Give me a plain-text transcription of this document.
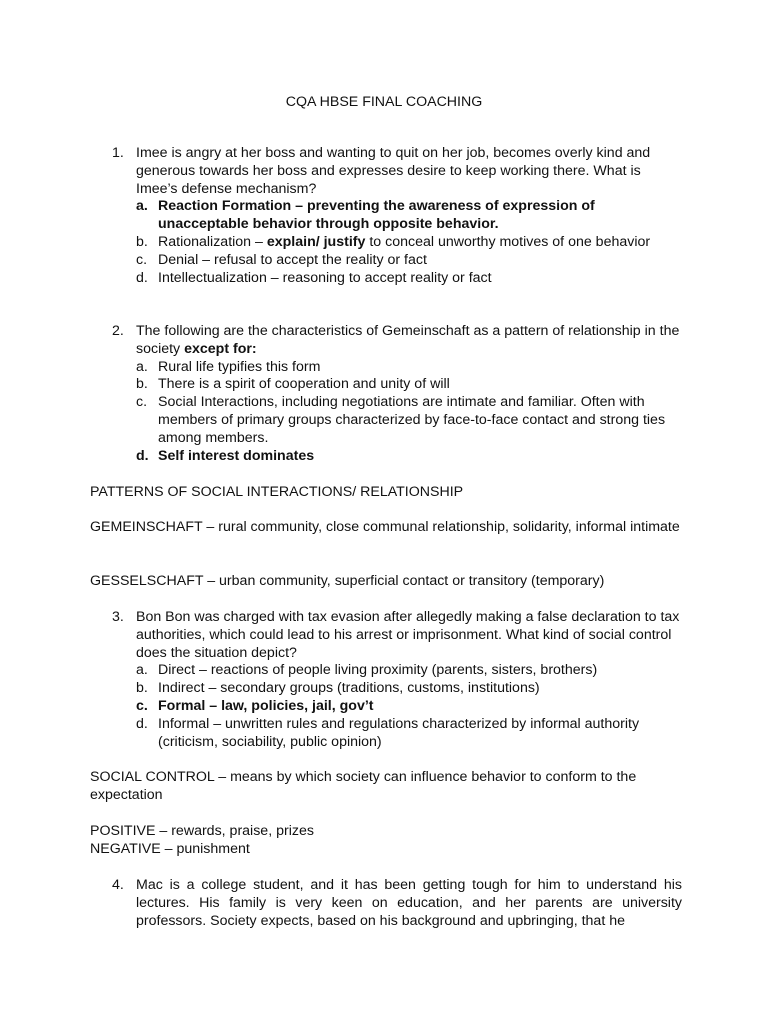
CQA HBSE FINAL COACHING
1. Imee is angry at her boss and wanting to quit on her job, becomes overly kind and generous towards her boss and expresses desire to keep working there. What is Imee’s defense mechanism?
a. Reaction Formation – preventing the awareness of expression of unacceptable behavior through opposite behavior.
b. Rationalization – explain/ justify to conceal unworthy motives of one behavior
c. Denial – refusal to accept the reality or fact
d. Intellectualization – reasoning to accept reality or fact
2. The following are the characteristics of Gemeinschaft as a pattern of relationship in the society except for:
a. Rural life typifies this form
b. There is a spirit of cooperation and unity of will
c. Social Interactions, including negotiations are intimate and familiar. Often with members of primary groups characterized by face-to-face contact and strong ties among members.
d. Self interest dominates
PATTERNS OF SOCIAL INTERACTIONS/ RELATIONSHIP
GEMEINSCHAFT – rural community, close communal relationship, solidarity, informal intimate
GESSELSCHAFT – urban community, superficial contact or transitory (temporary)
3. Bon Bon was charged with tax evasion after allegedly making a false declaration to tax authorities, which could lead to his arrest or imprisonment. What kind of social control does the situation depict?
a. Direct – reactions of people living proximity (parents, sisters, brothers)
b. Indirect – secondary groups (traditions, customs, institutions)
c. Formal – law, policies, jail, gov’t
d. Informal – unwritten rules and regulations characterized by informal authority (criticism, sociability, public opinion)
SOCIAL CONTROL – means by which society can influence behavior to conform to the expectation
POSITIVE – rewards, praise, prizes
NEGATIVE – punishment
4. Mac is a college student, and it has been getting tough for him to understand his lectures. His family is very keen on education, and her parents are university professors. Society expects, based on his background and upbringing, that he
